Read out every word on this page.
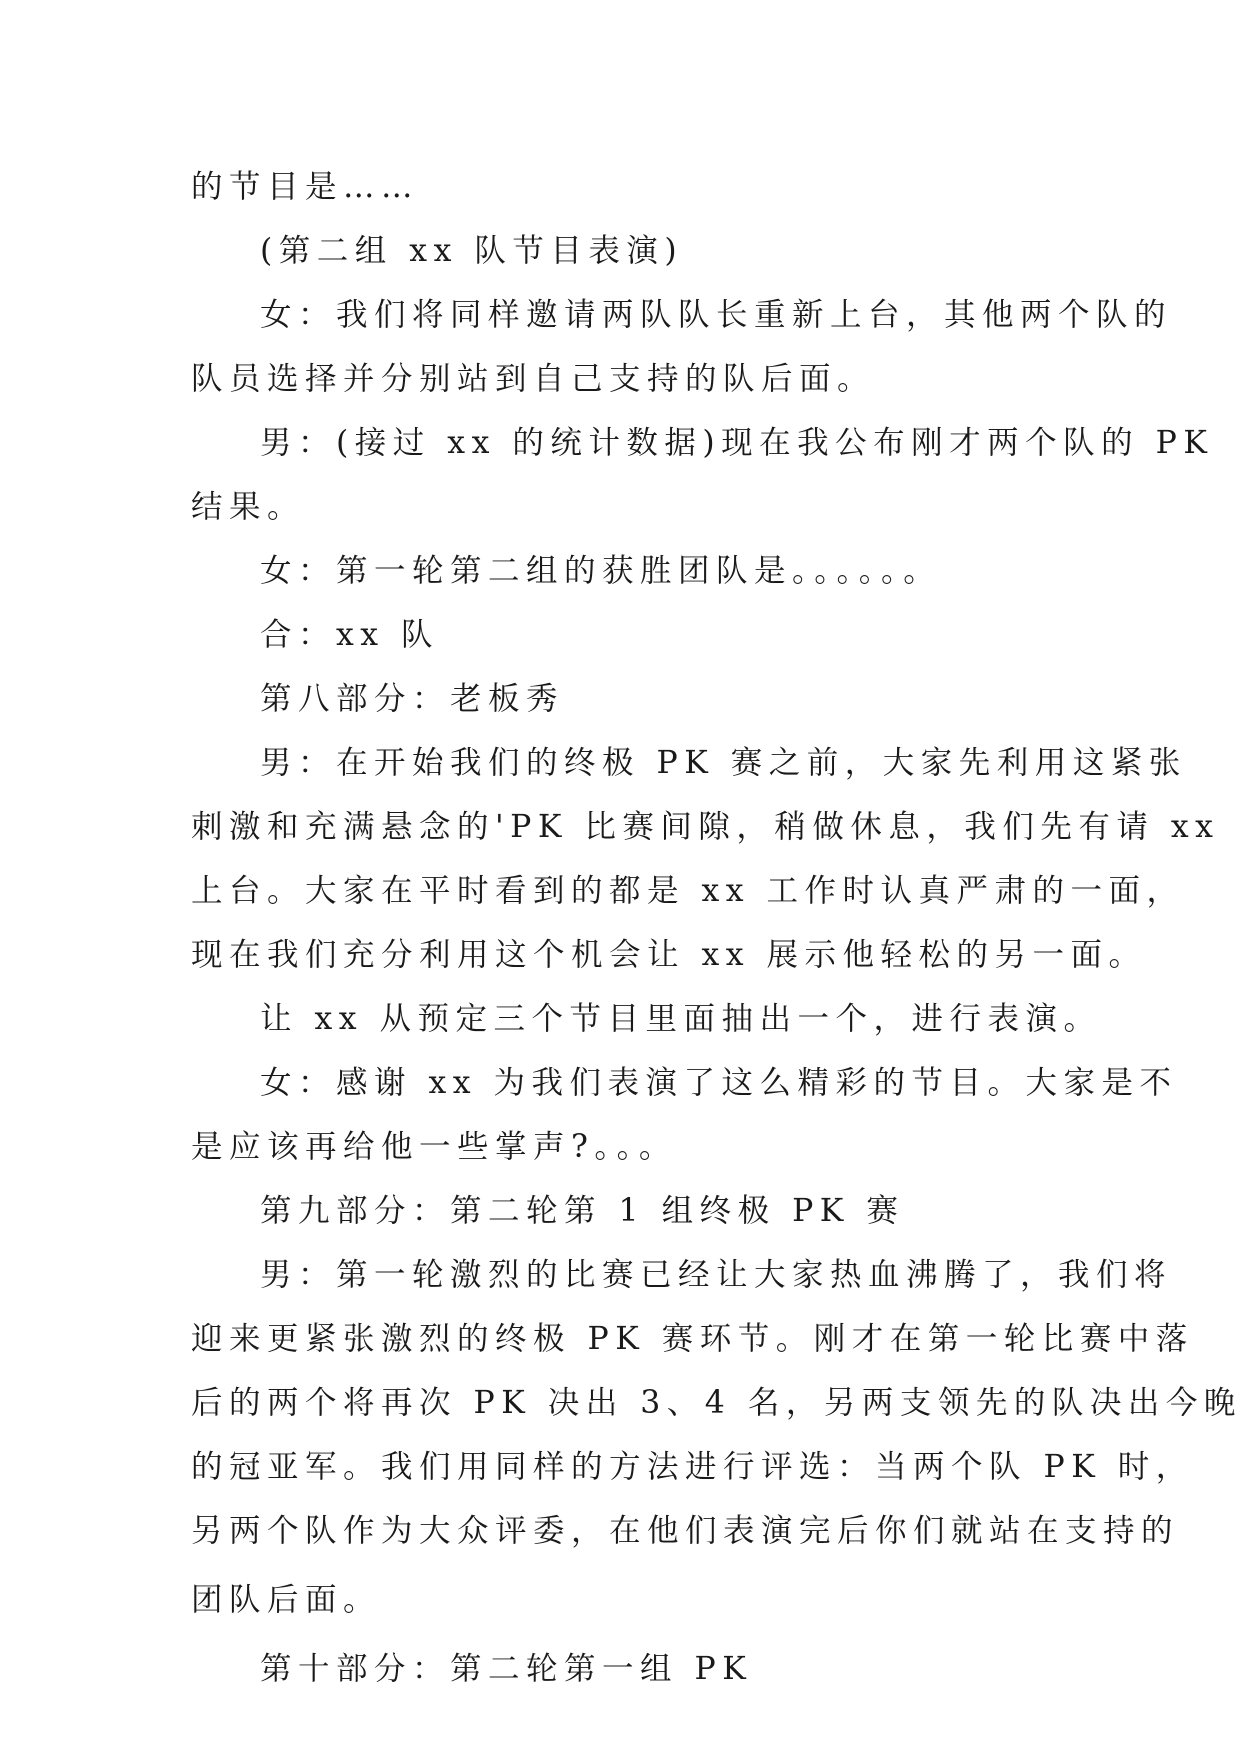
的节目是……
(第二组 xx 队节目表演)
女：我们将同样邀请两队队长重新上台，其他两个队的
队员选择并分别站到自己支持的队后面。
男：(接过 xx 的统计数据)现在我公布刚才两个队的 PK
结果。
女：第一轮第二组的获胜团队是。。。。。。
合：xx 队
第八部分：老板秀
男：在开始我们的终极 PK 赛之前，大家先利用这紧张
刺激和充满悬念的'PK 比赛间隙，稍做休息，我们先有请 xx
上台。大家在平时看到的都是 xx 工作时认真严肃的一面，
现在我们充分利用这个机会让 xx 展示他轻松的另一面。
让 xx 从预定三个节目里面抽出一个，进行表演。
女：感谢 xx 为我们表演了这么精彩的节目。大家是不
是应该再给他一些掌声?。。。
第九部分：第二轮第 1 组终极 PK 赛
男：第一轮激烈的比赛已经让大家热血沸腾了，我们将
迎来更紧张激烈的终极 PK 赛环节。刚才在第一轮比赛中落
后的两个将再次 PK 决出 3、4 名，另两支领先的队决出今晚
的冠亚军。我们用同样的方法进行评选：当两个队 PK 时，
另两个队作为大众评委，在他们表演完后你们就站在支持的
团队后面。
第十部分：第二轮第一组 PK
